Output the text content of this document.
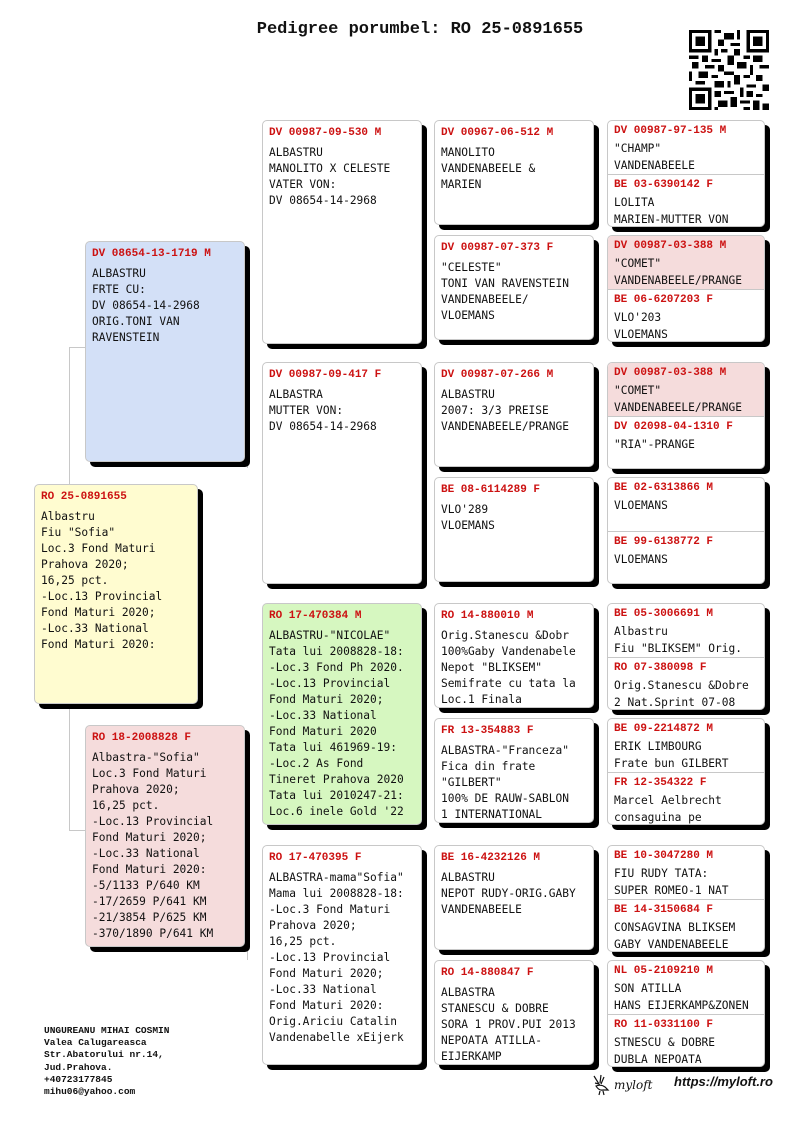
Pedigree porumbel: RO 25-0891655
RO 25-0891655
Albastru
Fiu "Sofia"
Loc.3 Fond Maturi
Prahova 2020;
16,25 pct.
-Loc.13 Provincial
Fond Maturi 2020;
-Loc.33 National
Fond Maturi 2020:
DV 08654-13-1719 M
ALBASTRU
FRTE CU:
DV 08654-14-2968
ORIG.TONI VAN
RAVENSTEIN
RO 18-2008828 F
Albastra-"Sofia"
Loc.3 Fond Maturi
Prahova 2020;
16,25 pct.
-Loc.13 Provincial
Fond Maturi 2020;
-Loc.33 National
Fond Maturi 2020:
-5/1133 P/640 KM
-17/2659 P/641 KM
-21/3854 P/625 KM
-370/1890 P/641 KM
DV 00987-09-530 M
ALBASTRU
MANOLITO X CELESTE
VATER VON:
DV 08654-14-2968
DV 00987-09-417 F
ALBASTRA
MUTTER VON:
DV 08654-14-2968
RO 17-470384 M
ALBASTRU-"NICOLAE"
Tata lui 2008828-18:
-Loc.3 Fond Ph 2020.
-Loc.13 Provincial
Fond Maturi 2020;
-Loc.33 National
Fond Maturi 2020
Tata lui 461969-19:
-Loc.2 As Fond
Tineret Prahova 2020
Tata lui 2010247-21:
Loc.6 inele Gold '22
RO 17-470395 F
ALBASTRA-mama"Sofia"
Mama lui 2008828-18:
-Loc.3 Fond Maturi
Prahova 2020;
16,25 pct.
-Loc.13 Provincial
Fond Maturi 2020;
-Loc.33 National
Fond Maturi 2020:
Orig.Ariciu Catalin
Vandenabelle xEijerk
DV 00967-06-512 M
MANOLITO
VANDENABEELE &
MARIEN
DV 00987-07-373 F
"CELESTE"
TONI VAN RAVENSTEIN
VANDENABEELE/
VLOEMANS
DV 00987-07-266 M
ALBASTRU
2007: 3/3 PREISE
VANDENABEELE/PRANGE
BE 08-6114289 F
VLO'289
VLOEMANS
RO 14-880010 M
Orig.Stanescu &Dobr
100%Gaby Vandenabele
Nepot "BLIKSEM"
Semifrate cu tata la
Loc.1 Finala
FR 13-354883 F
ALBASTRA-"Franceza"
Fica din frate
"GILBERT"
100% DE RAUW-SABLON
1 INTERNATIONAL
BE 16-4232126 M
ALBASTRU
NEPOT RUDY-ORIG.GABY
VANDENABEELE
RO 14-880847 F
ALBASTRA
STANESCU & DOBRE
SORA 1 PROV.PUI 2013
NEPOATA ATILLA-
EIJERKAMP
DV 00987-97-135 M
"CHAMP"
VANDENABEELE
BE 03-6390142 F
LOLITA
MARIEN-MUTTER VON
DV 00987-03-388 M
"COMET"
VANDENABEELE/PRANGE
BE 06-6207203 F
VLO'203
VLOEMANS
DV 00987-03-388 M
"COMET"
VANDENABEELE/PRANGE
DV 02098-04-1310 F
"RIA"-PRANGE
BE 02-6313866 M
VLOEMANS
BE 99-6138772 F
VLOEMANS
BE 05-3006691 M
Albastru
Fiu "BLIKSEM" Orig.
RO 07-380098 F
Orig.Stanescu &Dobre
2 Nat.Sprint 07-08
BE 09-2214872 M
ERIK LIMBOURG
Frate bun GILBERT
FR 12-354322 F
Marcel Aelbrecht
consaguina pe
BE 10-3047280 M
FIU RUDY TATA:
SUPER ROMEO-1 NAT
BE 14-3150684 F
CONSAGVINA BLIKSEM
GABY VANDENABEELE
NL 05-2109210 M
SON ATILLA
HANS EIJERKAMP&ZONEN
RO 11-0331100 F
STNESCU & DOBRE
DUBLA NEPOATA
UNGUREANU MIHAI COSMIN
Valea Calugareasca
Str.Abatorului nr.14,
Jud.Prahova.
+40723177845
mihu06@yahoo.com	myloft https://myloft.ro
